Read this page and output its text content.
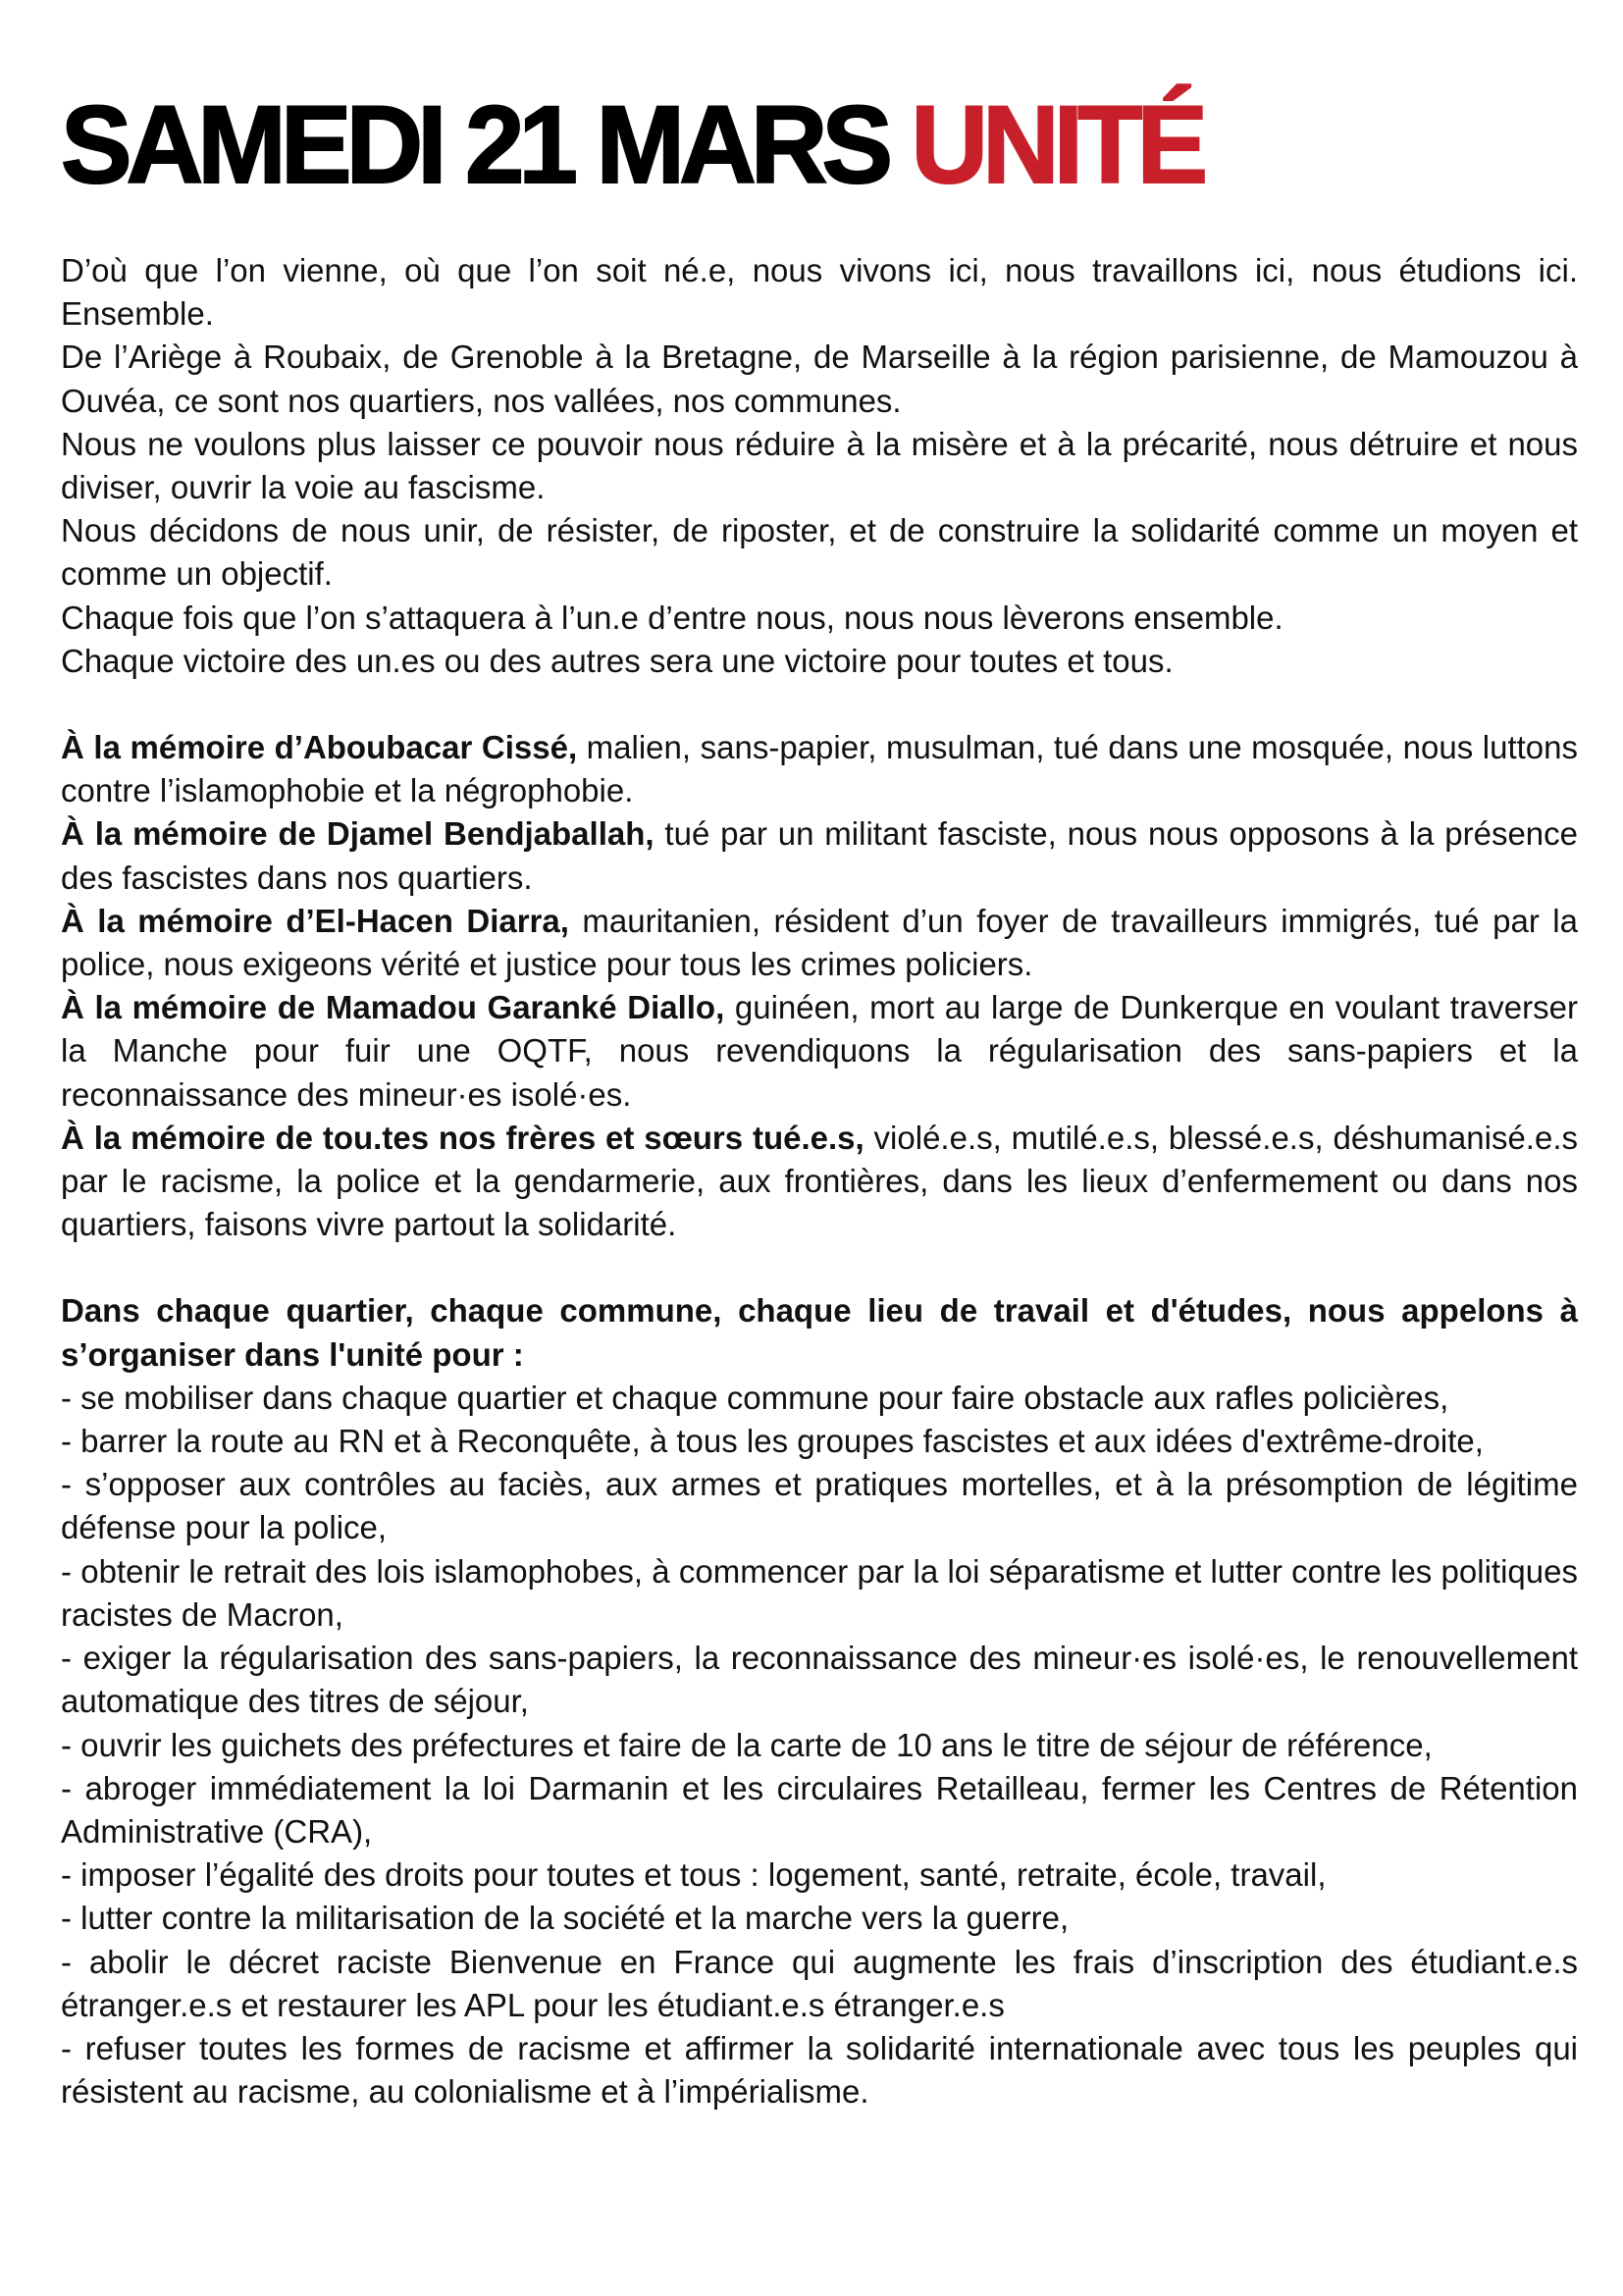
SAMEDI 21 MARS UNITÉ

D’où que l’on vienne, où que l’on soit né.e, nous vivons ici, nous travaillons ici, nous étudions ici. Ensemble.

De l’Ariège à Roubaix, de Grenoble à la Bretagne, de Marseille à la région parisienne, de Mamouzou à Ouvéa, ce sont nos quartiers, nos vallées, nos communes.

Nous ne voulons plus laisser ce pouvoir nous réduire à la misère et à la précarité, nous détruire et nous diviser, ouvrir la voie au fascisme.

Nous décidons de nous unir, de résister, de riposter, et de construire la solidarité comme un moyen et comme un objectif.

Chaque fois que l’on s’attaquera à l’un.e d’entre nous, nous nous lèverons ensemble.

Chaque victoire des un.es ou des autres sera une victoire pour toutes et tous.

À la mémoire d’Aboubacar Cissé, malien, sans-papier, musulman, tué dans une mosquée, nous luttons contre l’islamophobie et la négrophobie.

À la mémoire de Djamel Bendjaballah, tué par un militant fasciste, nous nous opposons à la présence des fascistes dans nos quartiers.

À la mémoire d’El-Hacen Diarra, mauritanien, résident d’un foyer de travailleurs immigrés, tué par la police, nous exigeons vérité et justice pour tous les crimes policiers.

À la mémoire de Mamadou Garanké Diallo, guinéen, mort au large de Dunkerque en voulant traverser la Manche pour fuir une OQTF, nous revendiquons la régularisation des sans-papiers et la reconnaissance des mineur·es isolé·es.

À la mémoire de tou.tes nos frères et sœurs tué.e.s, violé.e.s, mutilé.e.s, blessé.e.s, déshumanisé.e.s par le racisme, la police et la gendarmerie, aux frontières, dans les lieux d’enfermement ou dans nos quartiers, faisons vivre partout la solidarité.

Dans chaque quartier, chaque commune, chaque lieu de travail et d'études, nous appelons à s’organiser dans l'unité pour :

- se mobiliser dans chaque quartier et chaque commune pour faire obstacle aux rafles policières,

- barrer la route au RN et à Reconquête, à tous les groupes fascistes et aux idées d'extrême-droite,

- s’opposer aux contrôles au faciès, aux armes et pratiques mortelles, et à la présomption de légitime défense pour la police,

- obtenir le retrait des lois islamophobes, à commencer par la loi séparatisme et lutter contre les politiques racistes de Macron,

- exiger la régularisation des sans-papiers, la reconnaissance des mineur·es isolé·es, le renouvellement automatique des titres de séjour,

- ouvrir les guichets des préfectures et faire de la carte de 10 ans le titre de séjour de référence,

- abroger immédiatement la loi Darmanin et les circulaires Retailleau, fermer les Centres de Rétention Administrative (CRA),

- imposer l’égalité des droits pour toutes et tous : logement, santé, retraite, école, travail,

- lutter contre la militarisation de la société et la marche vers la guerre,

- abolir le décret raciste Bienvenue en France qui augmente les frais d’inscription des étudiant.e.s étranger.e.s et restaurer les APL pour les étudiant.e.s étranger.e.s

- refuser toutes les formes de racisme et affirmer la solidarité internationale avec tous les peuples qui résistent au racisme, au colonialisme et à l’impérialisme.
